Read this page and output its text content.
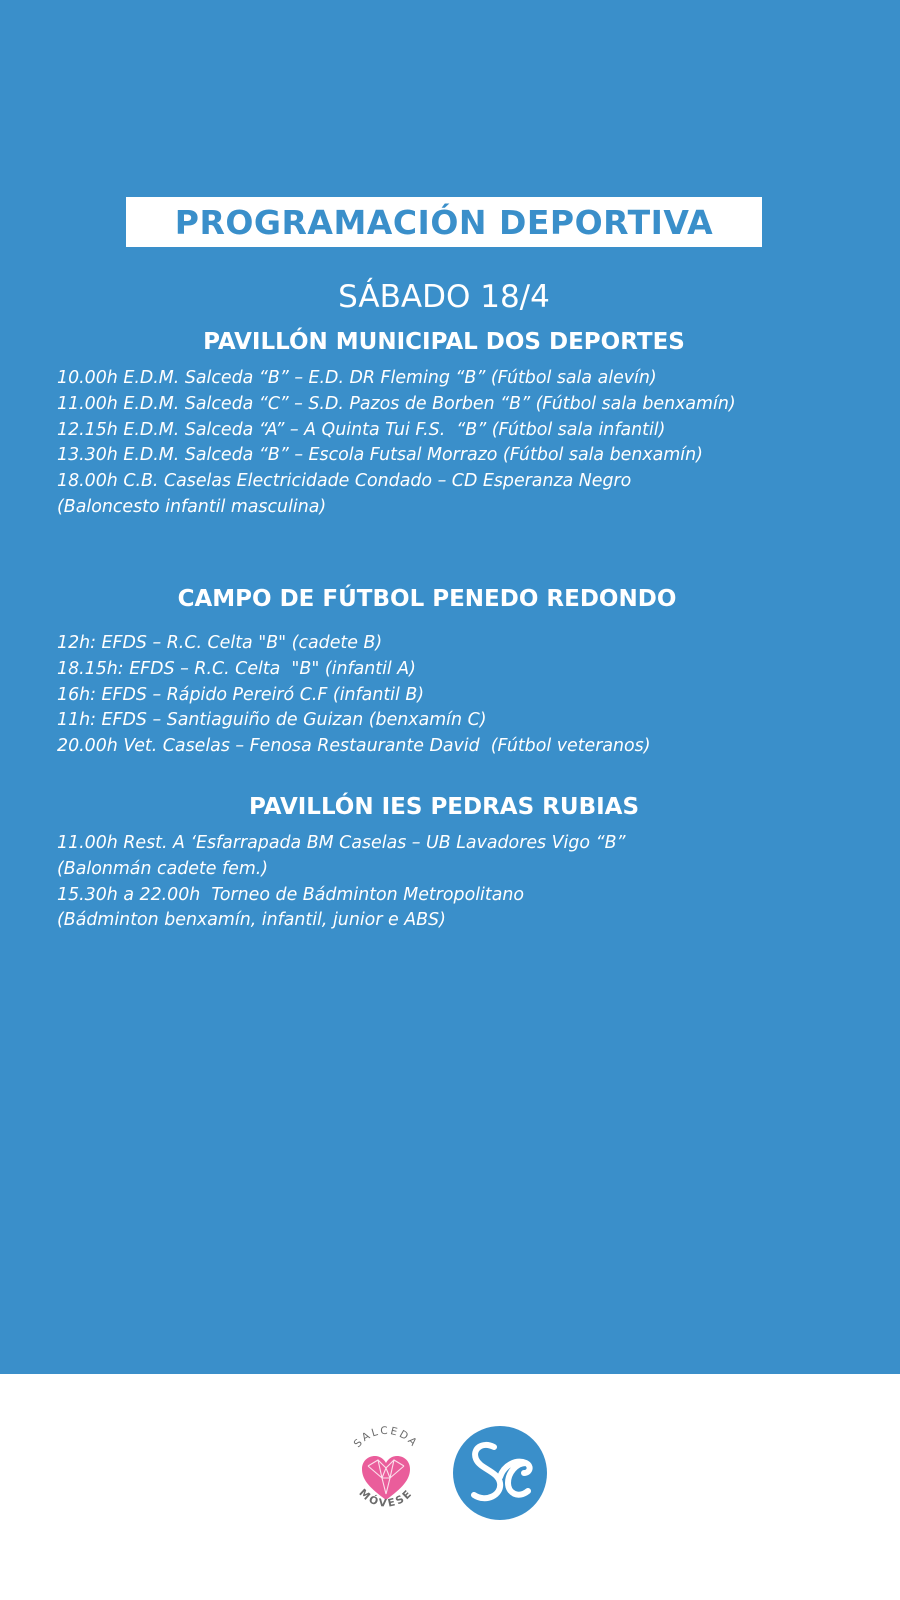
PROGRAMACIÓN DEPORTIVA
SÁBADO 18/4
PAVILLÓN MUNICIPAL DOS DEPORTES
10.00h E.D.M. Salceda “B” – E.D. DR Fleming “B” (Fútbol sala alevín)
11.00h E.D.M. Salceda “C” – S.D. Pazos de Borben “B” (Fútbol sala benxamín)
12.15h E.D.M. Salceda “A” – A Quinta Tui F.S.  “B” (Fútbol sala infantil)
13.30h E.D.M. Salceda “B” – Escola Futsal Morrazo (Fútbol sala benxamín)
18.00h C.B. Caselas Electricidade Condado – CD Esperanza Negro
(Baloncesto infantil masculina)
CAMPO DE FÚTBOL PENEDO REDONDO
12h: EFDS – R.C. Celta "B" (cadete B)
18.15h: EFDS – R.C. Celta  "B" (infantil A)
16h: EFDS – Rápido Pereiró C.F (infantil B)
11h: EFDS – Santiaguiño de Guizan (benxamín C)
20.00h Vet. Caselas – Fenosa Restaurante David  (Fútbol veteranos)
PAVILLÓN IES PEDRAS RUBIAS
11.00h Rest. A ‘Esfarrapada BM Caselas – UB Lavadores Vigo “B”
(Balonmán cadete fem.)
15.30h a 22.00h  Torneo de Bádminton Metropolitano
(Bádminton benxamín, infantil, junior e ABS)
SALCEDA
MÓVESE
